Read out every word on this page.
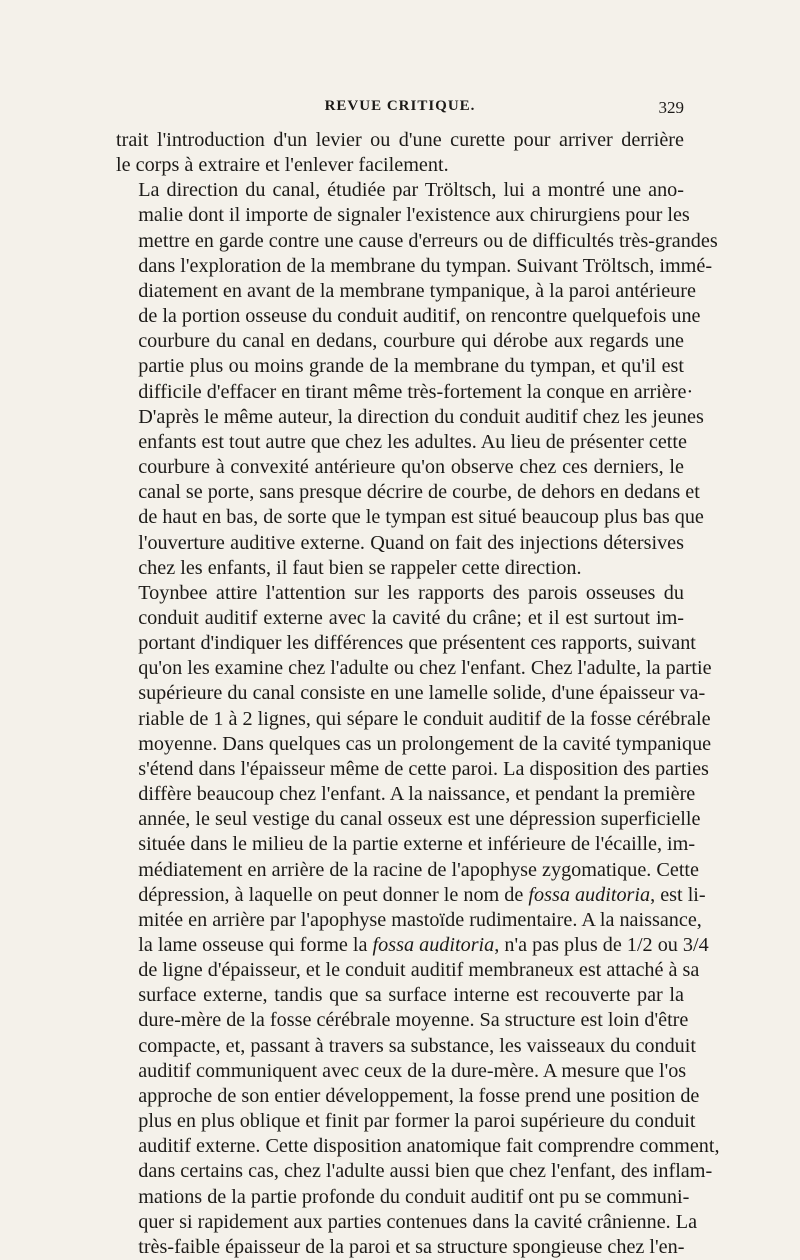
REVUE CRITIQUE.	329

trait l'introduction d'un levier ou d'une curette pour arriver derrière
le corps à extraire et l'enlever facilement.

La direction du canal, étudiée par Tröltsch, lui a montré une ano-
malie dont il importe de signaler l'existence aux chirurgiens pour les
mettre en garde contre une cause d'erreurs ou de difficultés très-grandes
dans l'exploration de la membrane du tympan. Suivant Tröltsch, immé-
diatement en avant de la membrane tympanique, à la paroi antérieure
de la portion osseuse du conduit auditif, on rencontre quelquefois une
courbure du canal en dedans, courbure qui dérobe aux regards une
partie plus ou moins grande de la membrane du tympan, et qu'il est
difficile d'effacer en tirant même très-fortement la conque en arrière·
D'après le même auteur, la direction du conduit auditif chez les jeunes
enfants est tout autre que chez les adultes. Au lieu de présenter cette
courbure à convexité antérieure qu'on observe chez ces derniers, le
canal se porte, sans presque décrire de courbe, de dehors en dedans et
de haut en bas, de sorte que le tympan est situé beaucoup plus bas que
l'ouverture auditive externe. Quand on fait des injections détersives
chez les enfants, il faut bien se rappeler cette direction.

Toynbee attire l'attention sur les rapports des parois osseuses du
conduit auditif externe avec la cavité du crâne; et il est surtout im-
portant d'indiquer les différences que présentent ces rapports, suivant
qu'on les examine chez l'adulte ou chez l'enfant. Chez l'adulte, la partie
supérieure du canal consiste en une lamelle solide, d'une épaisseur va-
riable de 1 à 2 lignes, qui sépare le conduit auditif de la fosse cérébrale
moyenne. Dans quelques cas un prolongement de la cavité tympanique
s'étend dans l'épaisseur même de cette paroi. La disposition des parties
diffère beaucoup chez l'enfant. A la naissance, et pendant la première
année, le seul vestige du canal osseux est une dépression superficielle
située dans le milieu de la partie externe et inférieure de l'écaille, im-
médiatement en arrière de la racine de l'apophyse zygomatique. Cette
dépression, à laquelle on peut donner le nom de fossa auditoria, est li-
mitée en arrière par l'apophyse mastoïde rudimentaire. A la naissance,
la lame osseuse qui forme la fossa auditoria, n'a pas plus de 1/2 ou 3/4
de ligne d'épaisseur, et le conduit auditif membraneux est attaché à sa
surface externe, tandis que sa surface interne est recouverte par la
dure-mère de la fosse cérébrale moyenne. Sa structure est loin d'être
compacte, et, passant à travers sa substance, les vaisseaux du conduit
auditif communiquent avec ceux de la dure-mère. A mesure que l'os
approche de son entier développement, la fosse prend une position de
plus en plus oblique et finit par former la paroi supérieure du conduit
auditif externe. Cette disposition anatomique fait comprendre comment,
dans certains cas, chez l'adulte aussi bien que chez l'enfant, des inflam-
mations de la partie profonde du conduit auditif ont pu se communi-
quer si rapidement aux parties contenues dans la cavité crânienne. La
très-faible épaisseur de la paroi et sa structure spongieuse chez l'en-
